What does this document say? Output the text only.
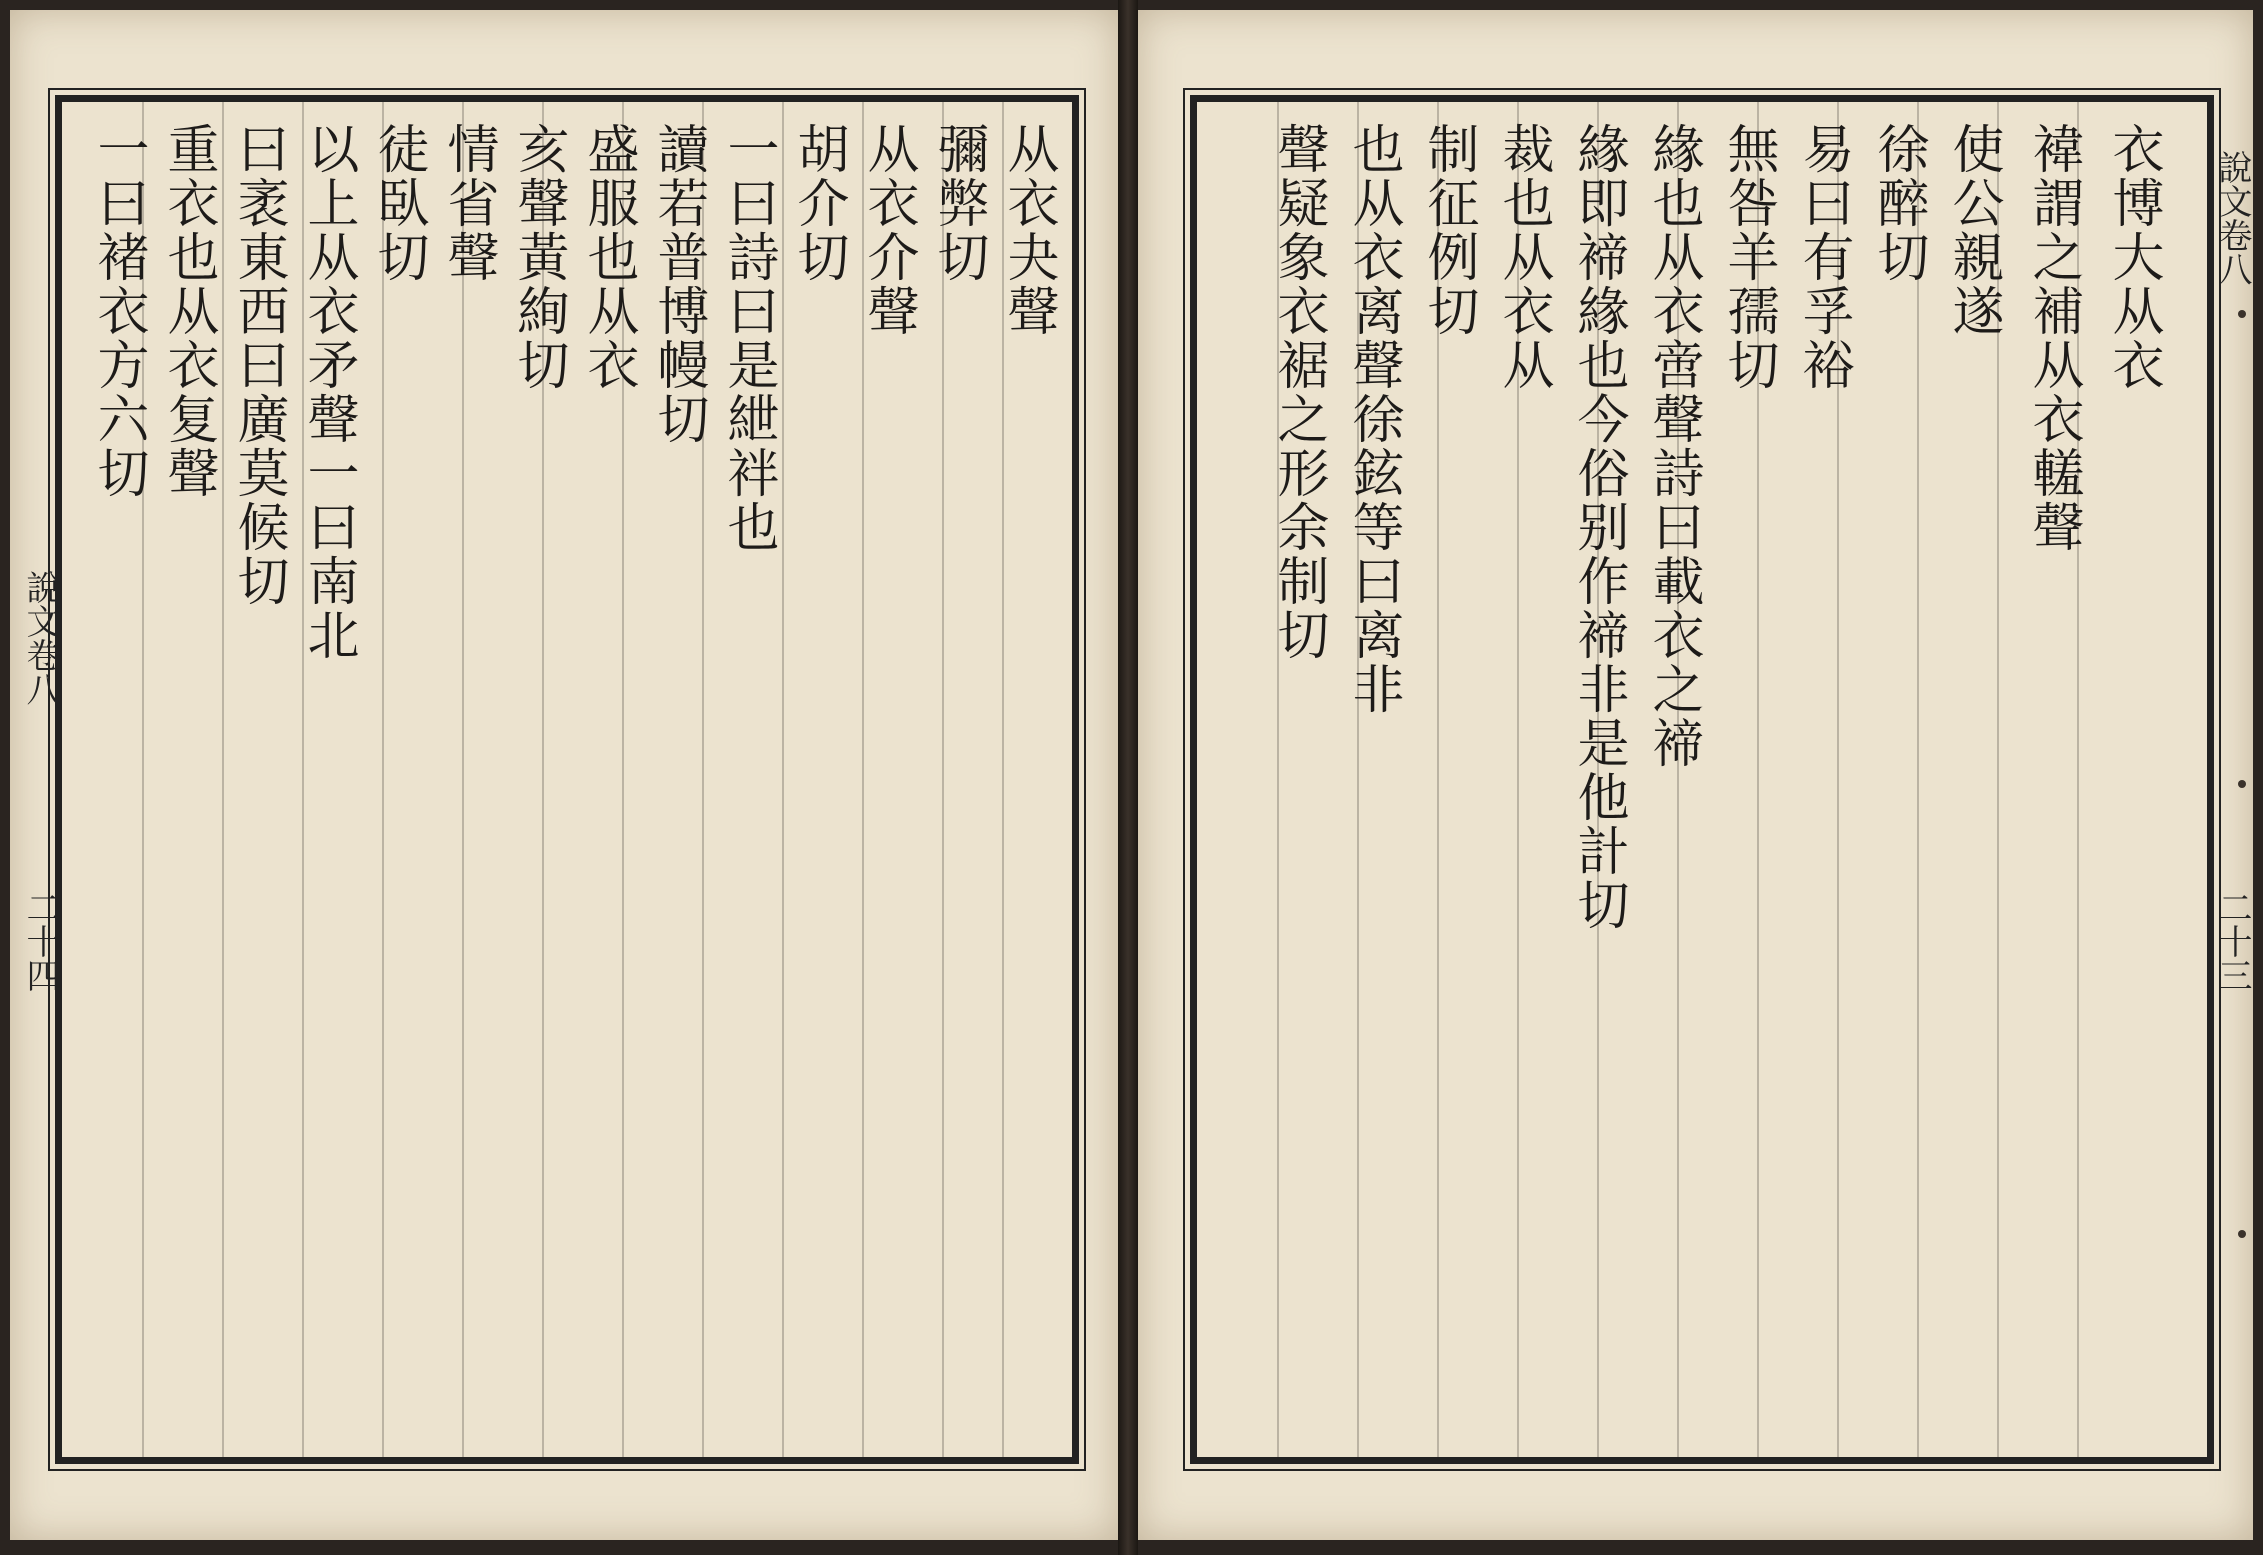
从衣夬聲
彌弊切
从衣介聲
胡介切
一曰詩曰是紲袢也
讀若普博幔切
盛服也从衣
亥聲黃絢切
情省聲
徒臥切
以上从衣矛聲一曰南北
曰袤東西曰廣莫候切
重衣也从衣复聲
一曰褚衣方六切
說文卷八
二十四
衣博大从衣
褘謂之補从衣䡭聲
使公親遂
徐醉切
易曰有孚裕
無咎羊孺切
緣也从衣啻聲詩曰載衣之褅
緣即褅緣也今俗别作褅非是他計切
裁也从衣从
制征例切
也从衣离聲徐鉉等曰离非
聲疑象衣裾之形余制切	說文卷八
二十三
